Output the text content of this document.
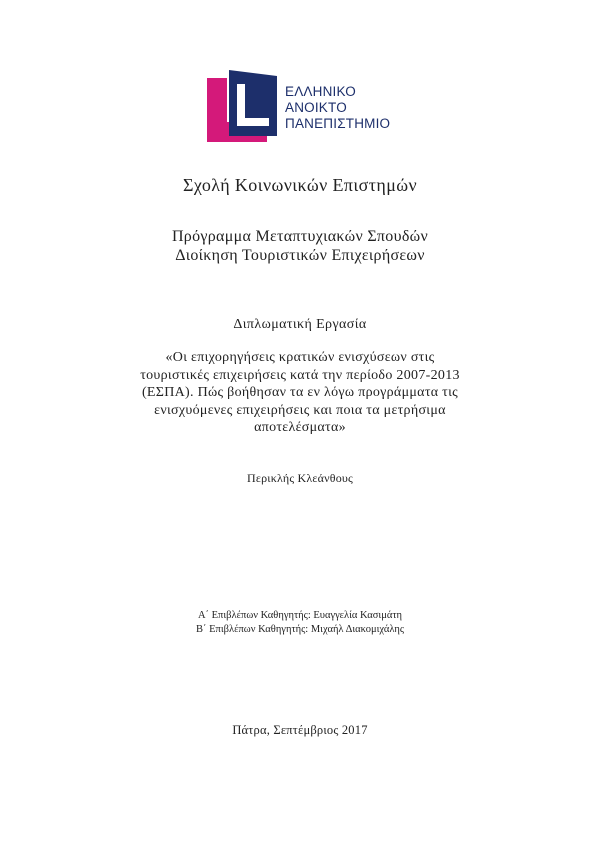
ΕΛΛΗΝΙΚΟ
ΑΝΟΙΚΤΟ
ΠΑΝΕΠΙΣΤΗΜΙΟ
Σχολή Κοινωνικών Επιστημών
Πρόγραμμα Μεταπτυχιακών Σπουδών
Διοίκηση Τουριστικών Επιχειρήσεων
Διπλωματική Εργασία
«Οι επιχορηγήσεις κρατικών ενισχύσεων στις
τουριστικές επιχειρήσεις κατά την περίοδο 2007-2013
(ΕΣΠΑ). Πώς βοήθησαν τα εν λόγω προγράμματα τις
ενισχυόμενες επιχειρήσεις και ποια τα μετρήσιμα
αποτελέσματα»
Περικλής Κλεάνθους
Α΄ Επιβλέπων Καθηγητής: Ευαγγελία Κασιμάτη
Β΄ Επιβλέπων Καθηγητής: Μιχαήλ Διακομιχάλης
Πάτρα, Σεπτέμβριος 2017
